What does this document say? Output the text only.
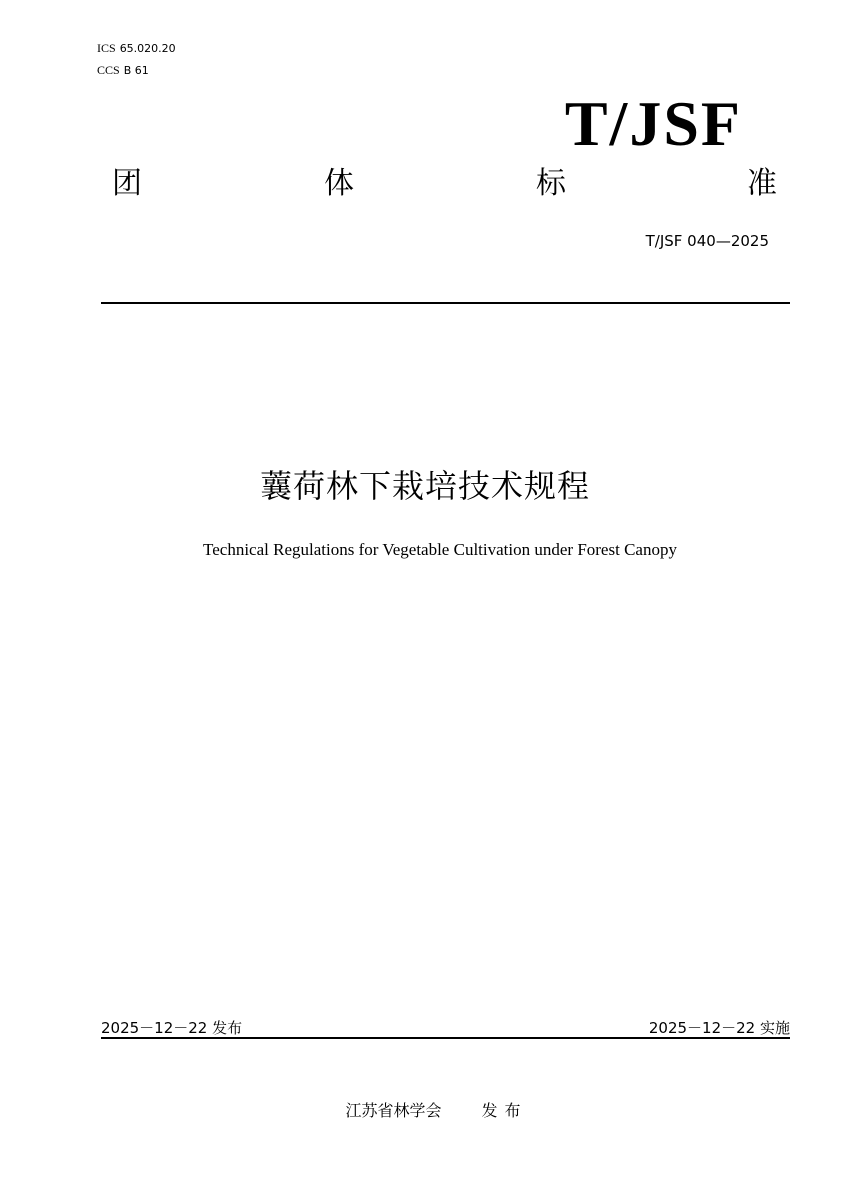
ICS 65.020.20
CCS B 61
T/JSF
团	体	标	准
T/JSF 040—2025
蘘荷林下栽培技术规程
Technical Regulations for Vegetable Cultivation under Forest Canopy
2025－12－22 发布	2025－12－22 实施
江苏省林学会	发布
